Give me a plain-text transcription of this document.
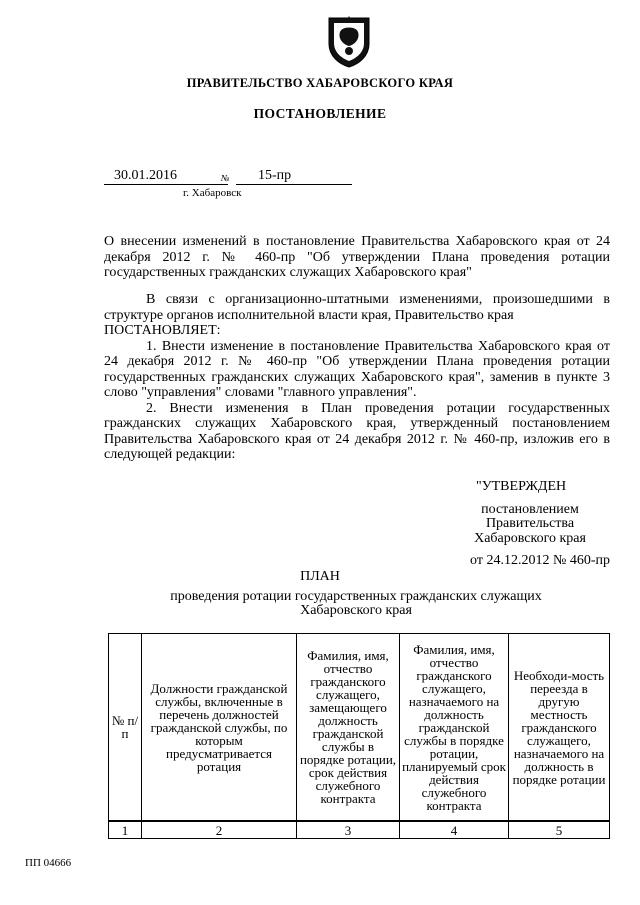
ПРАВИТЕЛЬСТВО ХАБАРОВСКОГО КРАЯ
ПОСТАНОВЛЕНИЕ
30.01.2016	№	15-пр
г. Хабаровск

О внесении изменений в постановление Правительства Хабаровского края от 24 декабря 2012 г. № 460-пр "Об утверждении Плана проведения ротации государственных гражданских служащих Хабаровского края"

В связи с организационно-штатными изменениями, произошедшими в структуре органов исполнительной власти края, Правительство края

ПОСТАНОВЛЯЕТ:

1. Внести изменение в постановление Правительства Хабаровского края от 24 декабря 2012 г. № 460-пр "Об утверждении Плана проведения ротации государственных гражданских служащих Хабаровского края", заменив в пункте 3 слово "управления" словами "главного управления".

2. Внести изменения в План проведения ротации государственных гражданских служащих Хабаровского края, утвержденный постановлением Правительства Хабаровского края от 24 декабря 2012 г. № 460-пр, изложив его в следующей редакции:

"УТВЕРЖДЕН
постановлением
Правительства
Хабаровского края
от 24.12.2012 № 460-пр
ПЛАН
проведения ротации государственных гражданских служащих Хабаровского края
№ п/п	Должности гражданской службы, включенные в перечень должностей гражданской службы, по которым предусматривается ротация	Фамилия, имя, отчество гражданского служащего, замещающего должность гражданской службы в порядке ротации, срок действия служебного контракта	Фамилия, имя, отчество гражданского служащего, назначаемого на должность гражданской службы в порядке ротации, планируемый срок действия служебного контракта	Необходи-мость переезда в другую местность гражданского служащего, назначаемого на должность в порядке ротации
1	2	3	4	5
ПП 04666
